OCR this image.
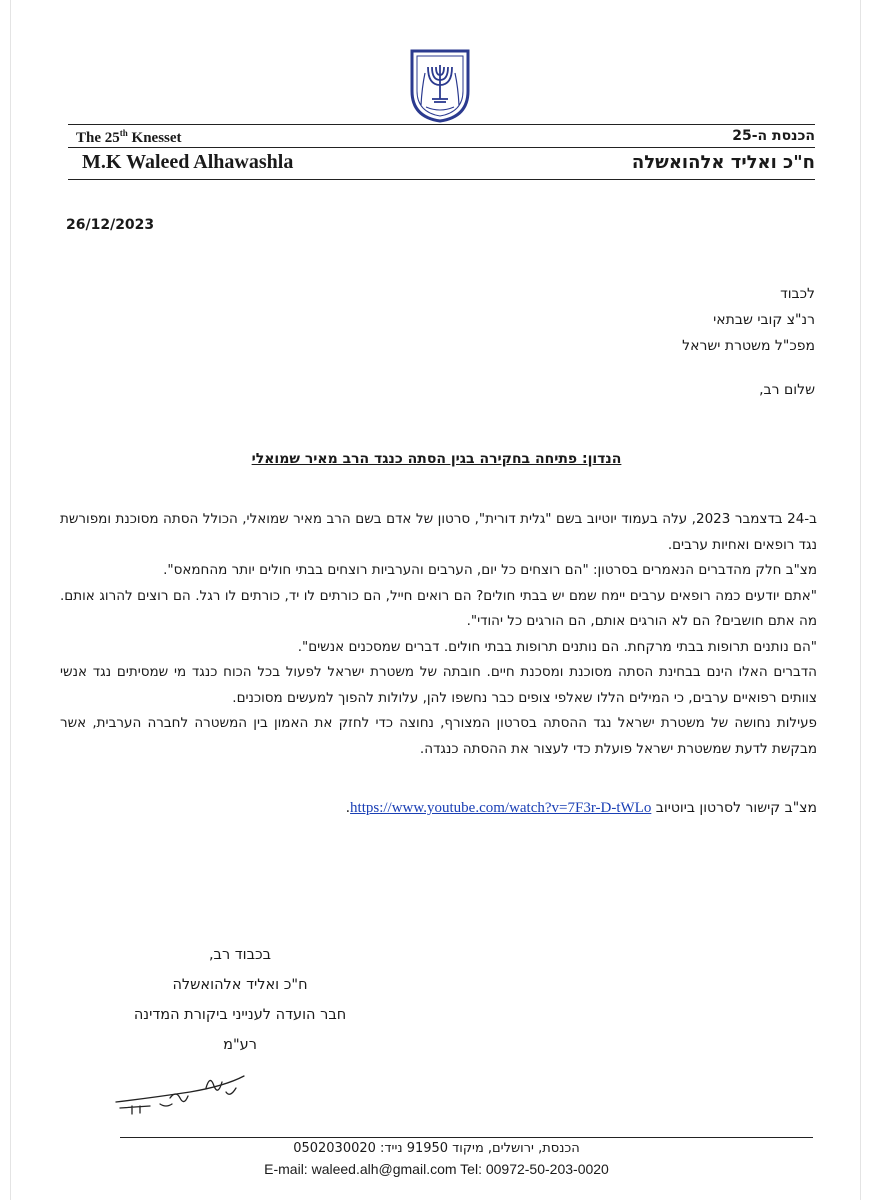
The 25th Knesset	הכנסת ה-25
M.K Waleed Alhawashla	ח"כ ואליד אלהואשלה
26/12/2023
לכבוד
רנ"צ קובי שבתאי
מפכ"ל משטרת ישראל
שלום רב,
הנדון: פתיחה בחקירה בגין הסתה כנגד הרב מאיר שמואלי

ב-24 בדצמבר 2023, עלה בעמוד יוטיוב בשם "גלית דורית", סרטון של אדם בשם הרב מאיר שמואלי, הכולל הסתה מסוכנת ומפורשת נגד רופאים ואחיות ערבים.

מצ"ב חלק מהדברים הנאמרים בסרטון: "הם רוצחים כל יום, הערבים והערביות רוצחים בבתי חולים יותר מהחמאס".

"אתם יודעים כמה רופאים ערבים יימח שמם יש בבתי חולים? הם רואים חייל, הם כורתים לו יד, כורתים לו רגל. הם רוצים להרוג אותם. מה אתם חושבים? הם לא הורגים אותם, הם הורגים כל יהודי".

"הם נותנים תרופות בבתי מרקחת. הם נותנים תרופות בבתי חולים. דברים שמסכנים אנשים".

הדברים האלו הינם בבחינת הסתה מסוכנת ומסכנת חיים. חובתה של משטרת ישראל לפעול בכל הכוח כנגד מי שמסיתים נגד אנשי צוותים רפואיים ערבים, כי המילים הללו שאלפי צופים כבר נחשפו להן, עלולות להפוך למעשים מסוכנים.

פעילות נחושה של משטרת ישראל נגד ההסתה בסרטון המצורף, נחוצה כדי לחזק את האמון בין המשטרה לחברה הערבית, אשר מבקשת לדעת שמשטרת ישראל פועלת כדי לעצור את ההסתה כנגדה.

מצ"ב קישור לסרטון ביוטיוב https://www.youtube.com/watch?v=7F3r-D-tWLo.
בכבוד רב,
ח"כ ואליד אלהואשלה
חבר הועדה לענייני ביקורת המדינה
רע"מ
הכנסת, ירושלים, מיקוד 91950 נייד: 0502030020
E-mail: waleed.alh@gmail.com Tel: 00972-50-203-0020
